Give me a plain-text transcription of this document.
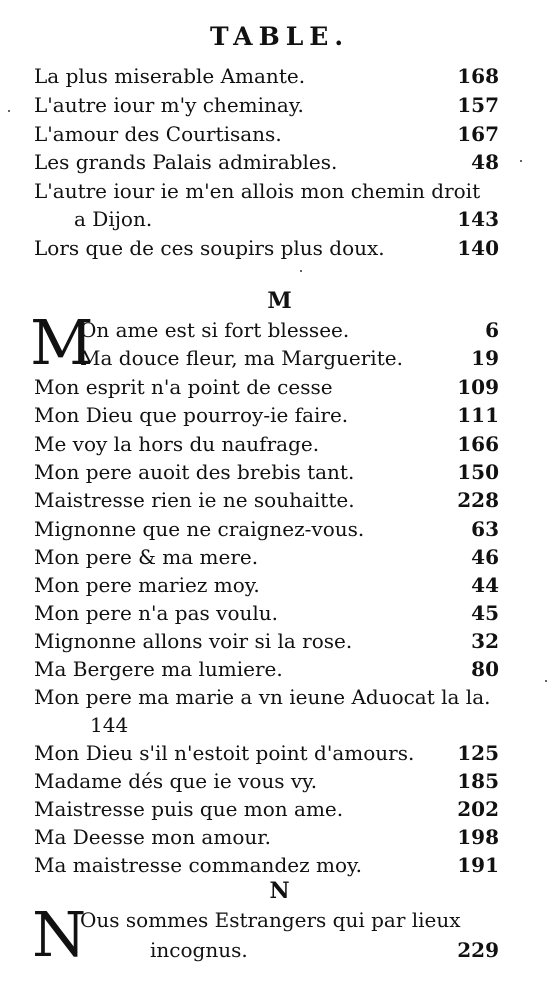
TABLE.
La plus miserable Amante.	168
L'autre iour m'y cheminay.	157
L'amour des Courtisans.	167
Les grands Palais admirables.	48
L'autre iour ie m'en allois mon chemin droit
a Dijon.	143
Lors que de ces soupirs plus doux.	140
M
M
On ame est si fort blessee.	6
Ma douce fleur, ma Marguerite.	19
Mon esprit n'a point de cesse	109
Mon Dieu que pourroy-ie faire.	111
Me voy la hors du naufrage.	166
Mon pere auoit des brebis tant.	150
Maistresse rien ie ne souhaitte.	228
Mignonne que ne craignez-vous.	63
Mon pere & ma mere.	46
Mon pere mariez moy.	44
Mon pere n'a pas voulu.	45
Mignonne allons voir si la rose.	32
Ma Bergere ma lumiere.	80
Mon pere ma marie a vn ieune Aduocat la la.
144
Mon Dieu s'il n'estoit point d'amours. 125
Madame dés que ie vous vy.	185
Maistresse puis que mon ame.	202
Ma Deesse mon amour.	198
Ma maistresse commandez moy.	191
N
N
Ous sommes Estrangers qui par lieux
incognus.	229
